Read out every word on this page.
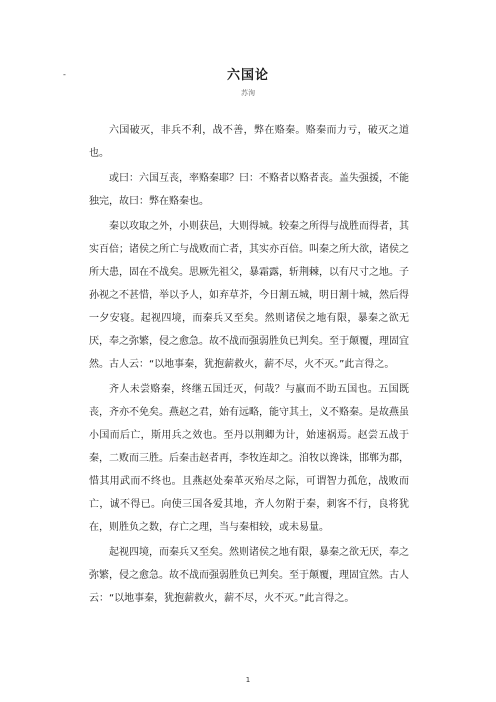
-	六国论
苏洵

六国破灭，非兵不利，战不善，弊在赂秦。赂秦而力亏，破灭之道也。

或曰：六国互丧，率赂秦耶？曰：不赂者以赂者丧。盖失强援，不能独完，故曰：弊在赂秦也。

秦以攻取之外，小则获邑，大则得城。较秦之所得与战胜而得者，其实百倍；诸侯之所亡与战败而亡者，其实亦百倍。叫秦之所大欲，诸侯之所大患，固在不战矣。思厥先祖父，暴霜露，斩荆棘，以有尺寸之地。子孙视之不甚惜，举以予人，如弃草芥，今日割五城，明日割十城，然后得一夕安寝。起视四境，而秦兵又至矣。然则诸侯之地有限，暴秦之欲无厌，奉之弥繁，侵之愈急。故不战而强弱胜负已判矣。至于颠覆，理固宜然。古人云：“以地事秦，犹抱薪救火，薪不尽，火不灭。”此言得之。

齐人未尝赂秦，终继五国迁灭，何哉？与嬴而不助五国也。五国既丧，齐亦不免矣。燕赵之君，始有远略，能守其土，义不赂秦。是故燕虽小国而后亡，斯用兵之效也。至丹以荆卿为计，始速祸焉。赵尝五战于秦，二败而三胜。后秦击赵者再，李牧连却之。洎牧以谗诛，邯郸为郡，惜其用武而不终也。且燕赵处秦革灭殆尽之际，可谓智力孤危，战败而亡，诚不得已。向使三国各爱其地，齐人勿附于秦，刺客不行，良将犹在，则胜负之数，存亡之理，当与秦相较，或未易量。

起视四境，而秦兵又至矣。然则诸侯之地有限，暴秦之欲无厌，奉之弥繁，侵之愈急。故不战而强弱胜负已判矣。至于颠覆，理固宜然。古人云：“以地事秦，犹抱薪救火，薪不尽，火不灭。”此言得之。

1
